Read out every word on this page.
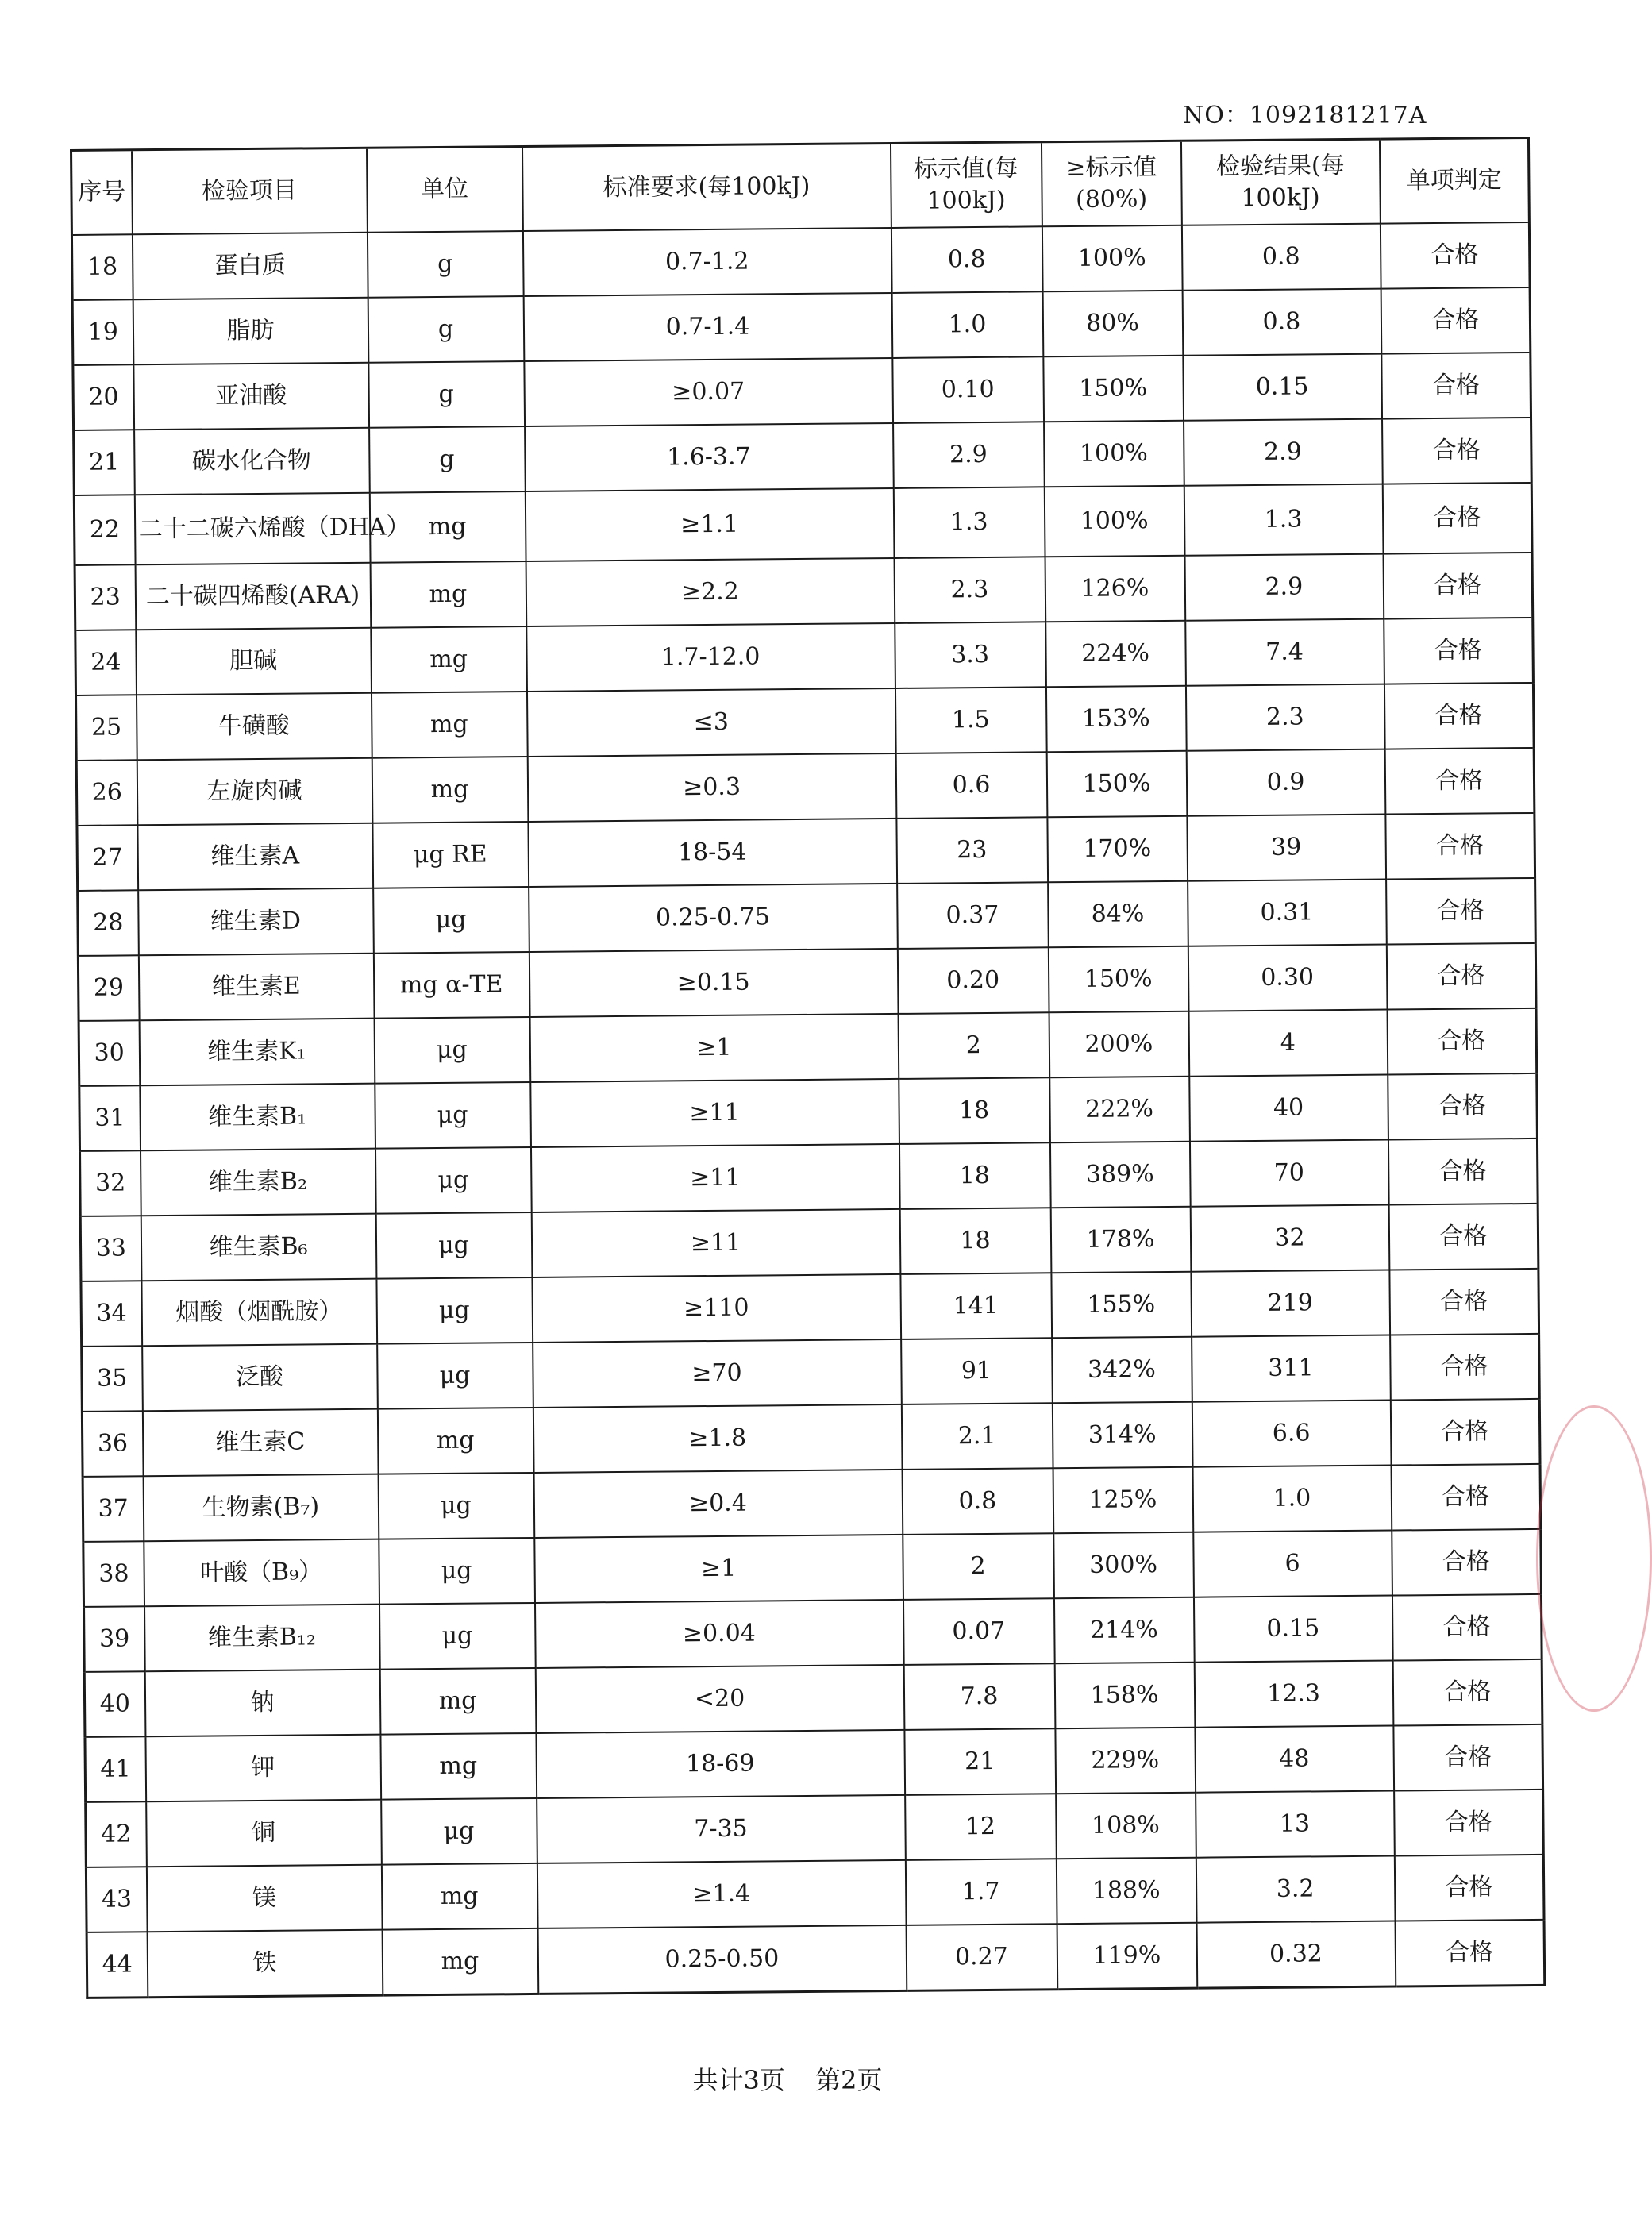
NO：1092181217A
序号	检验项目	单位	标准要求(每100kJ)	标示值(每100kJ)	≥标示值(80%)	检验结果(每100kJ)	单项判定
18	蛋白质	g	0.7-1.2	0.8	100%	0.8	合格
19	脂肪	g	0.7-1.4	1.0	80%	0.8	合格
20	亚油酸	g	≥0.07	0.10	150%	0.15	合格
21	碳水化合物	g	1.6-3.7	2.9	100%	2.9	合格
22	二十二碳六烯酸（DHA）	mg	≥1.1	1.3	100%	1.3	合格
23	二十碳四烯酸(ARA)	mg	≥2.2	2.3	126%	2.9	合格
24	胆碱	mg	1.7-12.0	3.3	224%	7.4	合格
25	牛磺酸	mg	≤3	1.5	153%	2.3	合格
26	左旋肉碱	mg	≥0.3	0.6	150%	0.9	合格
27	维生素A	μg RE	18-54	23	170%	39	合格
28	维生素D	μg	0.25-0.75	0.37	84%	0.31	合格
29	维生素E	mg α-TE	≥0.15	0.20	150%	0.30	合格
30	维生素K₁	μg	≥1	2	200%	4	合格
31	维生素B₁	μg	≥11	18	222%	40	合格
32	维生素B₂	μg	≥11	18	389%	70	合格
33	维生素B₆	μg	≥11	18	178%	32	合格
34	烟酸（烟酰胺）	μg	≥110	141	155%	219	合格
35	泛酸	μg	≥70	91	342%	311	合格
36	维生素C	mg	≥1.8	2.1	314%	6.6	合格
37	生物素(B₇)	μg	≥0.4	0.8	125%	1.0	合格
38	叶酸（B₉）	μg	≥1	2	300%	6	合格
39	维生素B₁₂	μg	≥0.04	0.07	214%	0.15	合格
40	钠	mg	<20	7.8	158%	12.3	合格
41	钾	mg	18-69	21	229%	48	合格
42	铜	μg	7-35	12	108%	13	合格
43	镁	mg	≥1.4	1.7	188%	3.2	合格
44	铁	mg	0.25-0.50	0.27	119%	0.32	合格
共计3页 第2页
